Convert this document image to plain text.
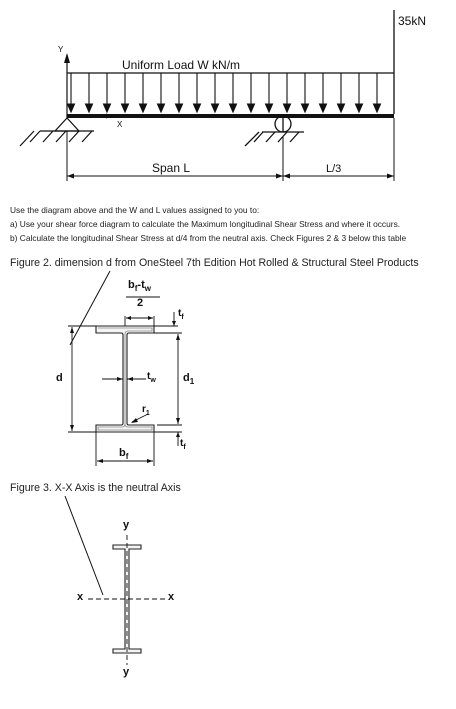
35kN
Uniform Load W kN/m
Y
X
Span L	L/3
Use the diagram above and the W and L values assigned to you to:
a) Use your shear force diagram to calculate the Maximum longitudinal Shear Stress and where it occurs.
b) Calculate the longitudinal Shear Stress at d/4 from the neutral axis. Check Figures 2 & 3 below this table
Figure 2. dimension d from OneSteel 7th Edition Hot Rolled & Structural Steel Products
$b_f-t_w$
2
$t_f$
d	$t_w$ $d_1$
$r_1$
$b_f$
$t_f$
Figure 3. X-X Axis is the neutral Axis
y
y
x	x
